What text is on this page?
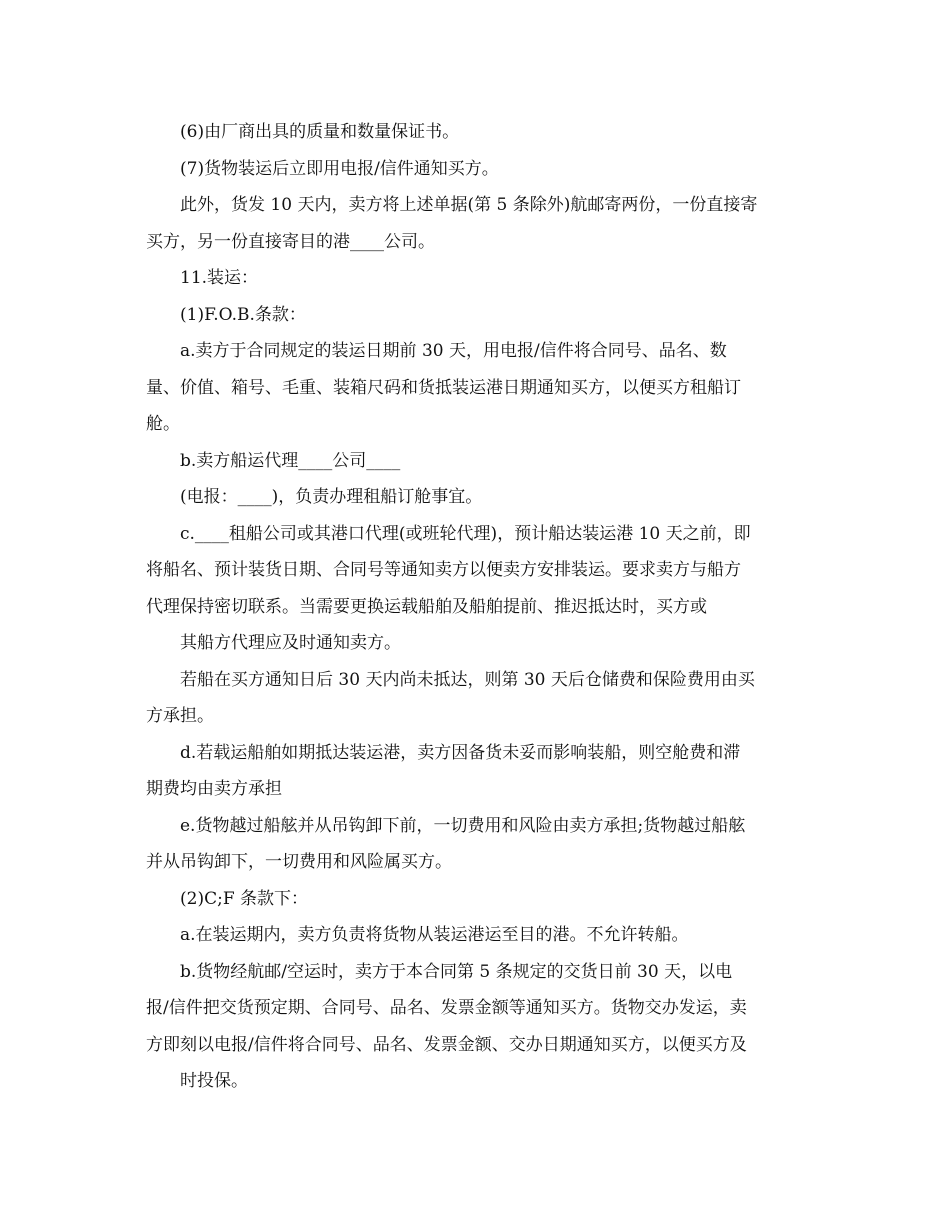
(6)由厂商出具的质量和数量保证书。

(7)货物装运后立即用电报/信件通知买方。

此外，货发 10 天内，卖方将上述单据(第 5 条除外)航邮寄两份，一份直接寄
买方，另一份直接寄目的港____公司。

11.装运：

(1)F.O.B.条款：

a.卖方于合同规定的装运日期前 30 天，用电报/信件将合同号、品名、数
量、价值、箱号、毛重、装箱尺码和货抵装运港日期通知买方，以便买方租船订
舱。

b.卖方船运代理____公司____

(电报：____)，负责办理租船订舱事宜。

c.____租船公司或其港口代理(或班轮代理)，预计船达装运港 10 天之前，即
将船名、预计装货日期、合同号等通知卖方以便卖方安排装运。要求卖方与船方
代理保持密切联系。当需要更换运载船舶及船舶提前、推迟抵达时，买方或
其船方代理应及时通知卖方。

若船在买方通知日后 30 天内尚未抵达，则第 30 天后仓储费和保险费用由买
方承担。

d.若载运船舶如期抵达装运港，卖方因备货未妥而影响装船，则空舱费和滞
期费均由卖方承担

e.货物越过船舷并从吊钩卸下前，一切费用和风险由卖方承担;货物越过船舷
并从吊钩卸下，一切费用和风险属买方。

(2)C;F 条款下：

a.在装运期内，卖方负责将货物从装运港运至目的港。不允许转船。

b.货物经航邮/空运时，卖方于本合同第 5 条规定的交货日前 30 天，以电
报/信件把交货预定期、合同号、品名、发票金额等通知买方。货物交办发运，卖
方即刻以电报/信件将合同号、品名、发票金额、交办日期通知买方，以便买方及
时投保。
